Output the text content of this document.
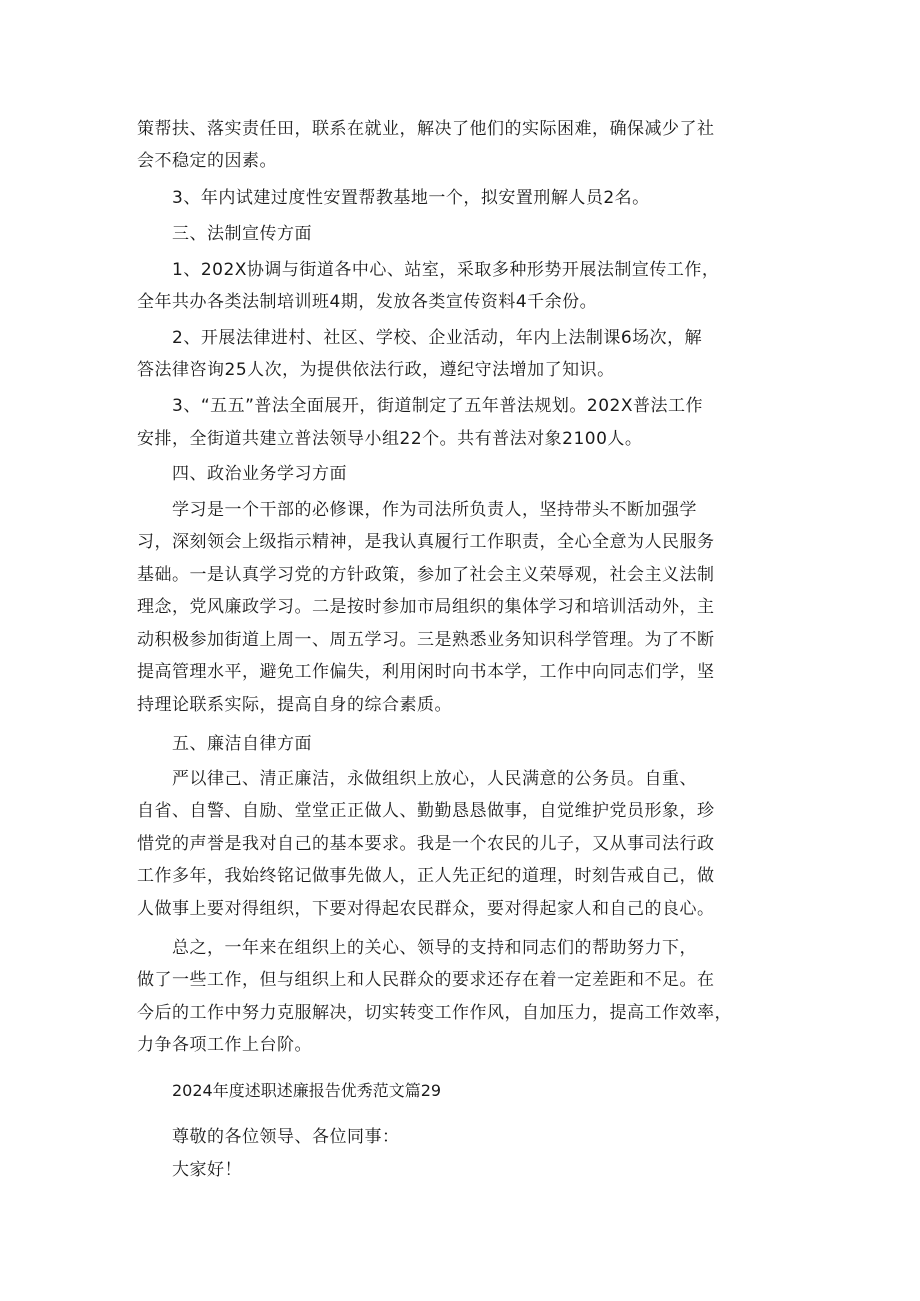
策帮扶、落实责任田，联系在就业，解决了他们的实际困难，确保减少了社
会不稳定的因素。
3、年内试建过度性安置帮教基地一个，拟安置刑解人员2名。
三、法制宣传方面
1、202X协调与街道各中心、站室，采取多种形势开展法制宣传工作，
全年共办各类法制培训班4期，发放各类宣传资料4千余份。
2、开展法律进村、社区、学校、企业活动，年内上法制课6场次，解
答法律咨询25人次，为提供依法行政，遵纪守法增加了知识。
3、“五五”普法全面展开，街道制定了五年普法规划。202X普法工作
安排，全街道共建立普法领导小组22个。共有普法对象2100人。
四、政治业务学习方面
学习是一个干部的必修课，作为司法所负责人，坚持带头不断加强学
习，深刻领会上级指示精神，是我认真履行工作职责，全心全意为人民服务
基础。一是认真学习党的方针政策，参加了社会主义荣辱观，社会主义法制
理念，党风廉政学习。二是按时参加市局组织的集体学习和培训活动外，主
动积极参加街道上周一、周五学习。三是熟悉业务知识科学管理。为了不断
提高管理水平，避免工作偏失，利用闲时向书本学，工作中向同志们学，坚
持理论联系实际，提高自身的综合素质。
五、廉洁自律方面
严以律己、清正廉洁，永做组织上放心，人民满意的公务员。自重、
自省、自警、自励、堂堂正正做人、勤勤恳恳做事，自觉维护党员形象，珍
惜党的声誉是我对自己的基本要求。我是一个农民的儿子，又从事司法行政
工作多年，我始终铭记做事先做人，正人先正纪的道理，时刻告戒自己，做
人做事上要对得组织，下要对得起农民群众，要对得起家人和自己的良心。
总之，一年来在组织上的关心、领导的支持和同志们的帮助努力下，
做了一些工作，但与组织上和人民群众的要求还存在着一定差距和不足。在
今后的工作中努力克服解决，切实转变工作作风，自加压力，提高工作效率，
力争各项工作上台阶。
2024年度述职述廉报告优秀范文篇29
尊敬的各位领导、各位同事：
大家好！
